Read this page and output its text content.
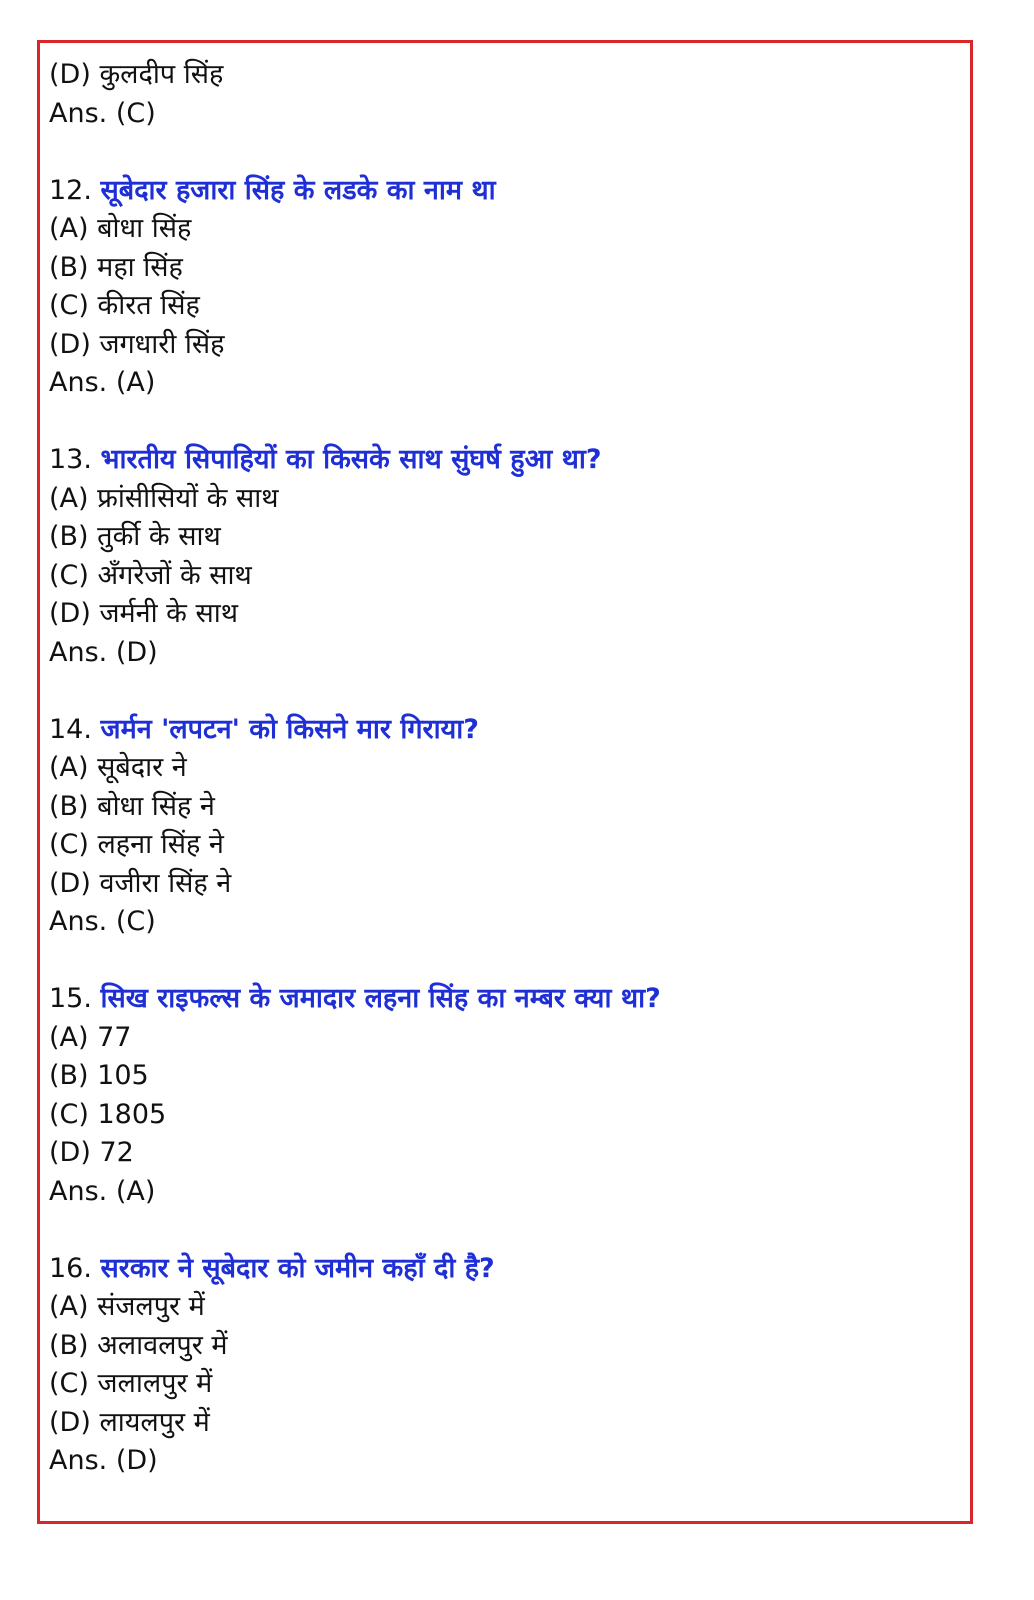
(D) कुलदीप सिंह
Ans. (C)
12. सूबेदार हजारा सिंह के लडके का नाम था
(A) बोधा सिंह
(B) महा सिंह
(C) कीरत सिंह
(D) जगधारी सिंह
Ans. (A)
13. भारतीय सिपाहियों का किसके साथ सुंघर्ष हुआ था?
(A) फ्रांसीसियों के साथ
(B) तुर्की के साथ
(C) अँगरेजों के साथ
(D) जर्मनी के साथ
Ans. (D)
14. जर्मन 'लपटन' को किसने मार गिराया?
(A) सूबेदार ने
(B) बोधा सिंह ने
(C) लहना सिंह ने
(D) वजीरा सिंह ने
Ans. (C)
15. सिख राइफल्स के जमादार लहना सिंह का नम्बर क्या था?
(A) 77
(B) 105
(C) 1805
(D) 72
Ans. (A)
16. सरकार ने सूबेदार को जमीन कहाँ दी है?
(A) संजलपुर में
(B) अलावलपुर में
(C) जलालपुर में
(D) लायलपुर में
Ans. (D)
